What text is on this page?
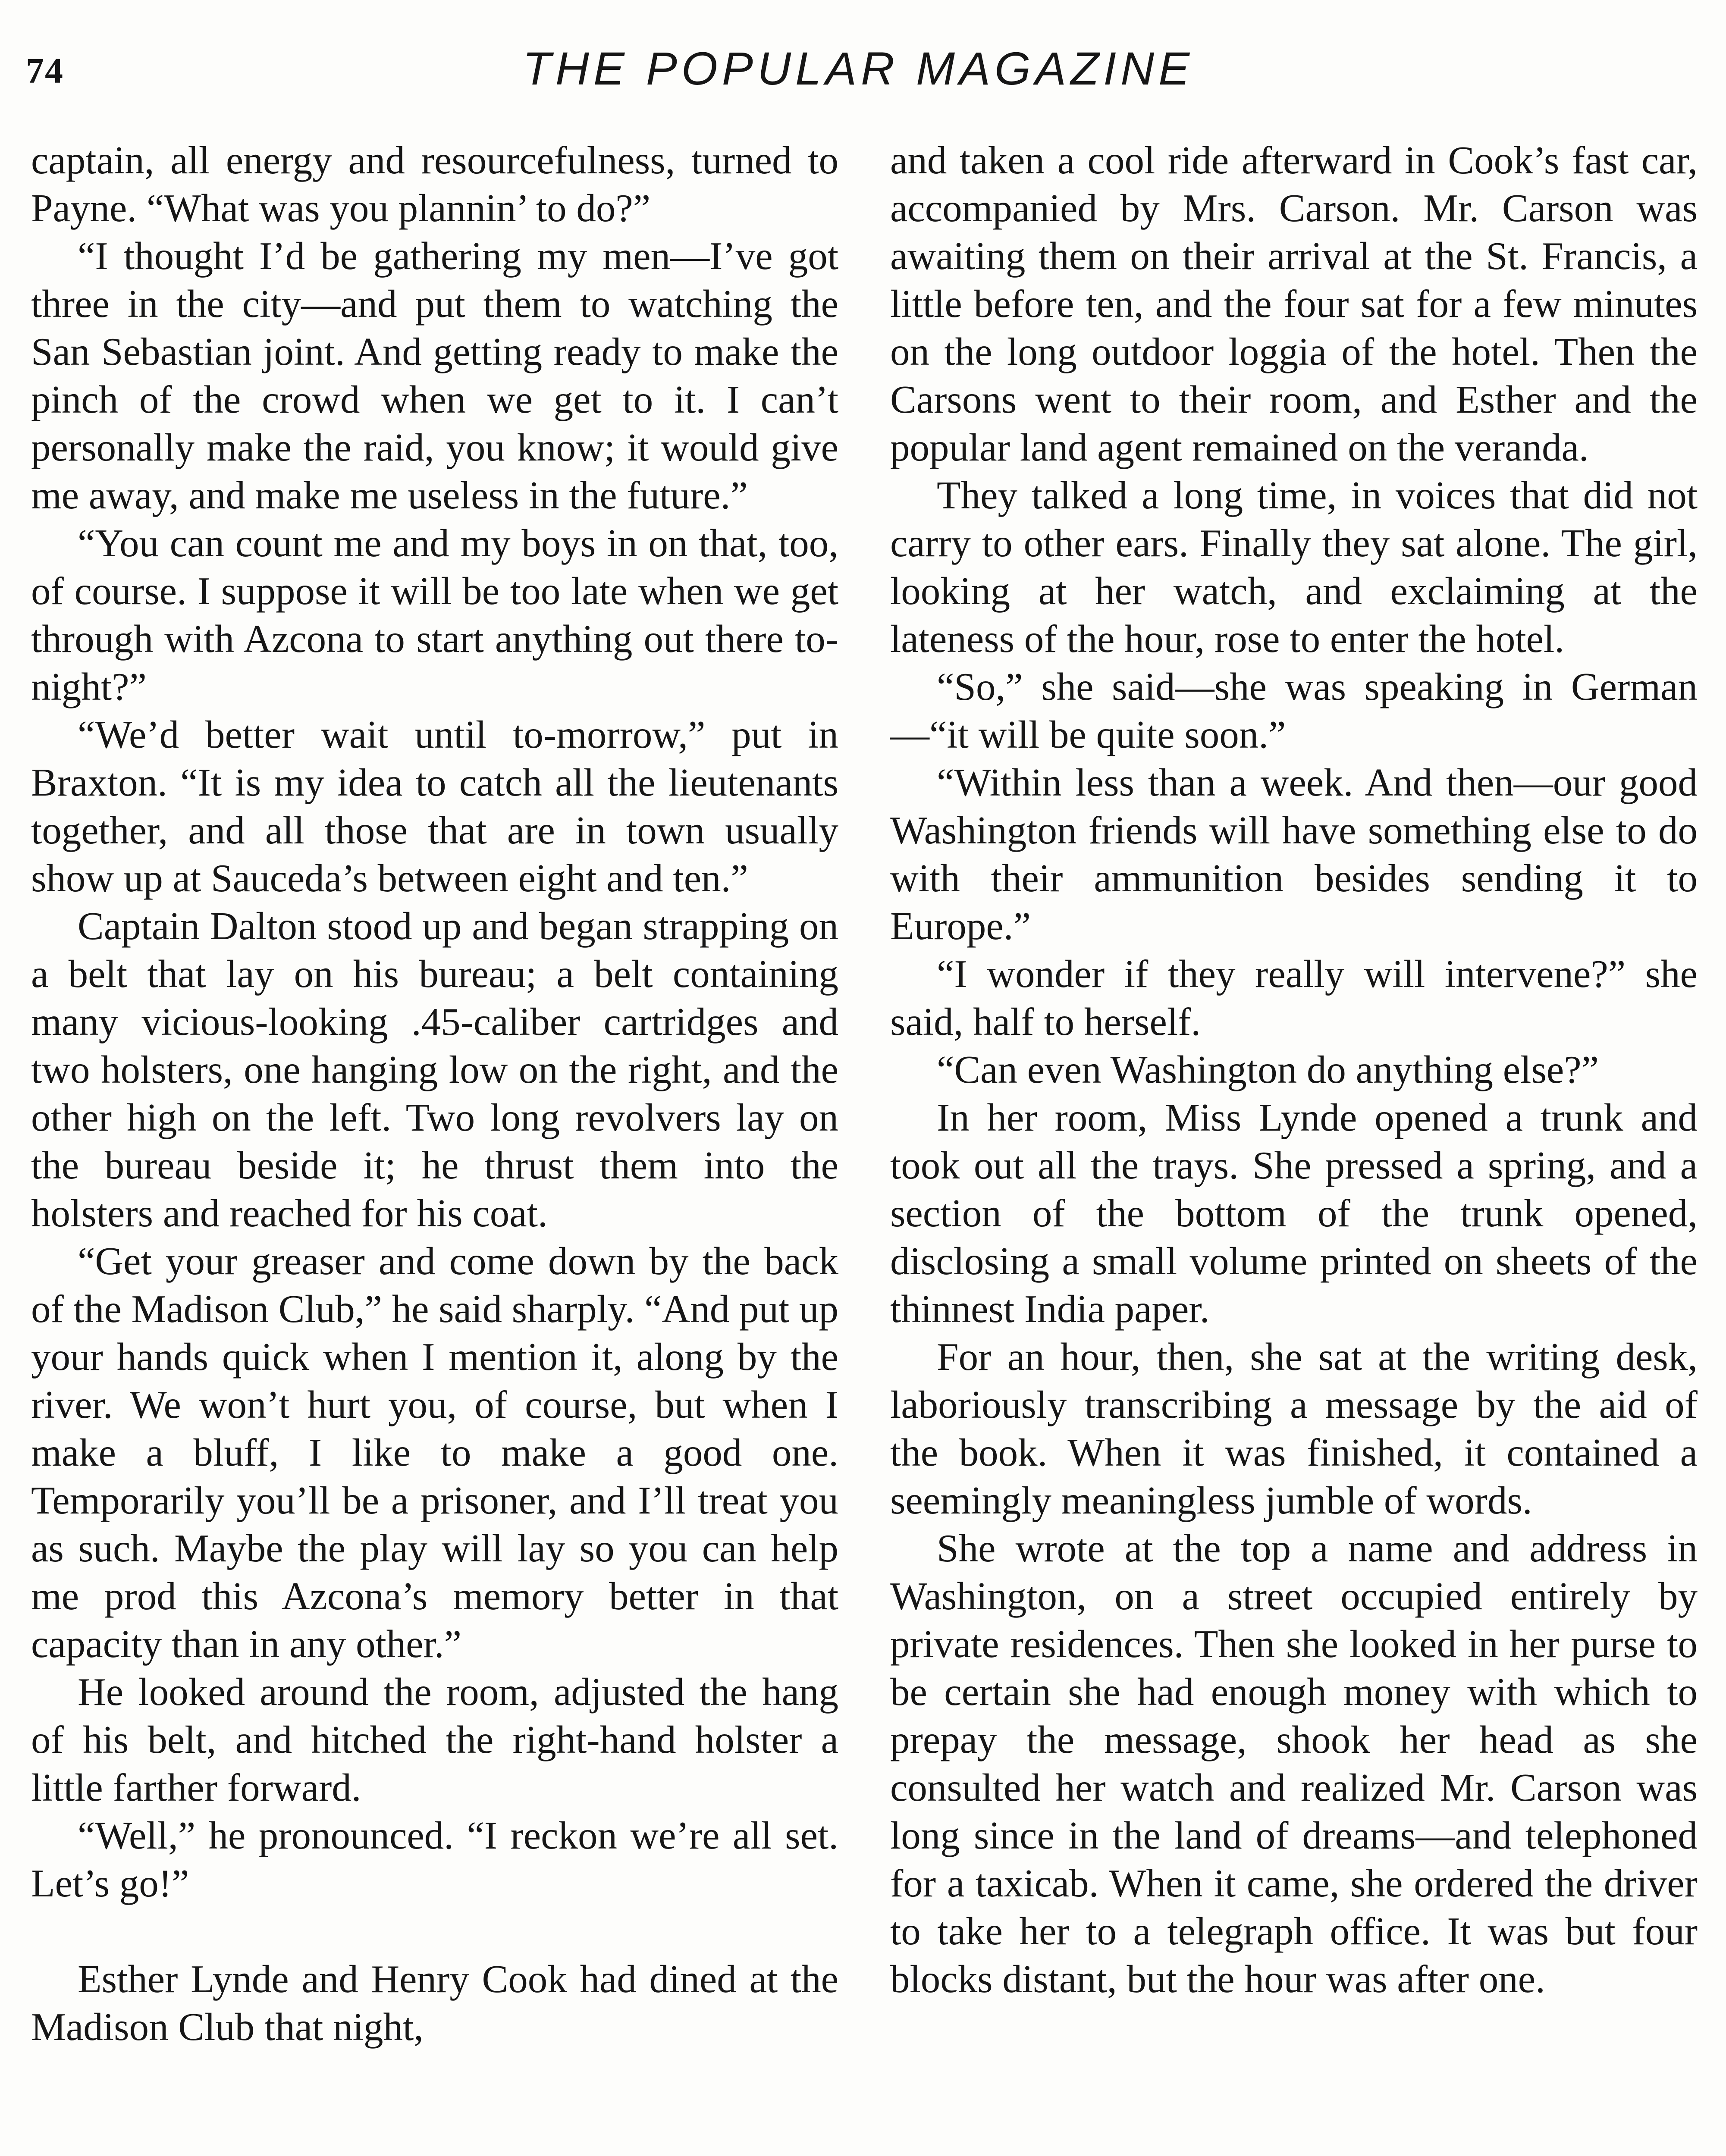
74	THE POPULAR MAGAZINE

captain, all energy and resourcefulness, turned to Payne. “What was you plannin’ to do?”

“I thought I’d be gathering my men—I’ve got three in the city—and put them to watching the San Sebastian joint. And getting ready to make the pinch of the crowd when we get to it. I can’t personally make the raid, you know; it would give me away, and make me useless in the future.”

“You can count me and my boys in on that, too, of course. I suppose it will be too late when we get through with Azcona to start anything out there to-night?”

“We’d better wait until to-morrow,” put in Braxton. “It is my idea to catch all the lieutenants together, and all those that are in town usually show up at Sauceda’s between eight and ten.”

Captain Dalton stood up and began strapping on a belt that lay on his bureau; a belt containing many vicious-looking .45-caliber cartridges and two holsters, one hanging low on the right, and the other high on the left. Two long revolvers lay on the bureau beside it; he thrust them into the holsters and reached for his coat.

“Get your greaser and come down by the back of the Madison Club,” he said sharply. “And put up your hands quick when I mention it, along by the river. We won’t hurt you, of course, but when I make a bluff, I like to make a good one. Temporarily you’ll be a prisoner, and I’ll treat you as such. Maybe the play will lay so you can help me prod this Azcona’s memory better in that capacity than in any other.”

He looked around the room, adjusted the hang of his belt, and hitched the right-hand holster a little farther forward.

“Well,” he pronounced. “I reckon we’re all set. Let’s go!”

Esther Lynde and Henry Cook had dined at the Madison Club that night,

and taken a cool ride afterward in Cook’s fast car, accompanied by Mrs. Carson. Mr. Carson was awaiting them on their arrival at the St. Francis, a little before ten, and the four sat for a few minutes on the long outdoor loggia of the hotel. Then the Carsons went to their room, and Esther and the popular land agent remained on the veranda.

They talked a long time, in voices that did not carry to other ears. Finally they sat alone. The girl, looking at her watch, and exclaiming at the lateness of the hour, rose to enter the hotel.

“So,” she said—she was speaking in German—“it will be quite soon.”

“Within less than a week. And then—our good Washington friends will have something else to do with their ammunition besides sending it to Europe.”

“I wonder if they really will intervene?” she said, half to herself.

“Can even Washington do anything else?”

In her room, Miss Lynde opened a trunk and took out all the trays. She pressed a spring, and a section of the bottom of the trunk opened, disclosing a small volume printed on sheets of the thinnest India paper.

For an hour, then, she sat at the writing desk, laboriously transcribing a message by the aid of the book. When it was finished, it contained a seemingly meaningless jumble of words.

She wrote at the top a name and address in Washington, on a street occupied entirely by private residences. Then she looked in her purse to be certain she had enough money with which to prepay the message, shook her head as she consulted her watch and realized Mr. Carson was long since in the land of dreams—and telephoned for a taxicab. When it came, she ordered the driver to take her to a telegraph office. It was but four blocks distant, but the hour was after one.
